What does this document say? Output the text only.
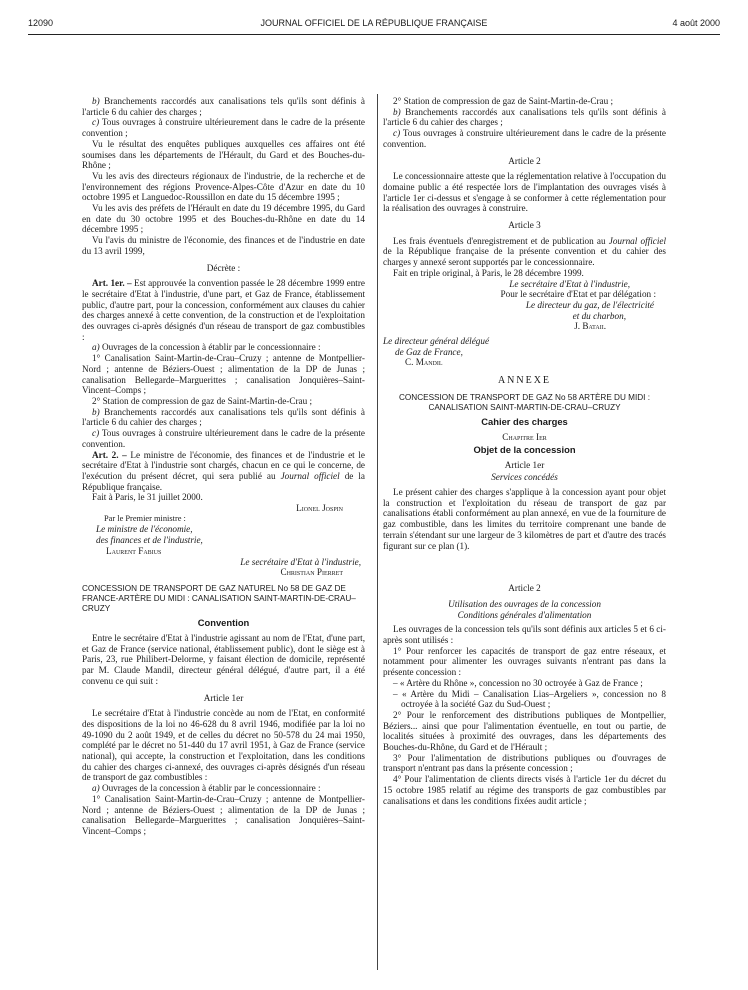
12090	JOURNAL OFFICIEL DE LA RÉPUBLIQUE FRANÇAISE	4 août 2000

b) Branchements raccordés aux canalisations tels qu'ils sont définis à l'article 6 du cahier des charges ;

c) Tous ouvrages à construire ultérieurement dans le cadre de la présente convention ;

Vu le résultat des enquêtes publiques auxquelles ces affaires ont été soumises dans les départements de l'Hérault, du Gard et des Bouches-du-Rhône ;

Vu les avis des directeurs régionaux de l'industrie, de la recherche et de l'environnement des régions Provence-Alpes-Côte d'Azur en date du 10 octobre 1995 et Languedoc-Roussillon en date du 15 décembre 1995 ;

Vu les avis des préfets de l'Hérault en date du 19 décembre 1995, du Gard en date du 30 octobre 1995 et des Bouches-du-Rhône en date du 14 décembre 1995 ;

Vu l'avis du ministre de l'économie, des finances et de l'industrie en date du 13 avril 1999,

Décrète :

Art. 1er. – Est approuvée la convention passée le 28 décembre 1999 entre le secrétaire d'Etat à l'industrie, d'une part, et Gaz de France, établissement public, d'autre part, pour la concession, conformément aux clauses du cahier des charges annexé à cette convention, de la construction et de l'exploitation des ouvrages ci-après désignés d'un réseau de transport de gaz combustibles :

a) Ouvrages de la concession à établir par le concessionnaire :

1° Canalisation Saint-Martin-de-Crau–Cruzy ; antenne de Montpellier-Nord ; antenne de Béziers-Ouest ; alimentation de la DP de Junas ; canalisation Bellegarde–Marguerittes ; canalisation Jonquières–Saint-Vincent–Comps ;

2° Station de compression de gaz de Saint-Martin-de-Crau ;

b) Branchements raccordés aux canalisations tels qu'ils sont définis à l'article 6 du cahier des charges ;

c) Tous ouvrages à construire ultérieurement dans le cadre de la présente convention.

Art. 2. – Le ministre de l'économie, des finances et de l'industrie et le secrétaire d'Etat à l'industrie sont chargés, chacun en ce qui le concerne, de l'exécution du présent décret, qui sera publié au Journal officiel de la République française.

Fait à Paris, le 31 juillet 2000.

Lionel Jospin

Par le Premier ministre :

Le ministre de l'économie,

des finances et de l'industrie,

Laurent Fabius

Le secrétaire d'Etat à l'industrie,

Christian Pierret

CONCESSION DE TRANSPORT DE GAZ NATUREL No 58 DE GAZ DE FRANCE-ARTÈRE DU MIDI : CANALISATION SAINT-MARTIN-DE-CRAU–CRUZY

Convention

Entre le secrétaire d'Etat à l'industrie agissant au nom de l'Etat, d'une part, et Gaz de France (service national, établissement public), dont le siège est à Paris, 23, rue Philibert-Delorme, y faisant élection de domicile, représenté par M. Claude Mandil, directeur général délégué, d'autre part, il a été convenu ce qui suit :

Article 1er

Le secrétaire d'Etat à l'industrie concède au nom de l'Etat, en conformité des dispositions de la loi no 46-628 du 8 avril 1946, modifiée par la loi no 49-1090 du 2 août 1949, et de celles du décret no 50-578 du 24 mai 1950, complété par le décret no 51-440 du 17 avril 1951, à Gaz de France (service national), qui accepte, la construction et l'exploitation, dans les conditions du cahier des charges ci-annexé, des ouvrages ci-après désignés d'un réseau de transport de gaz combustibles :

a) Ouvrages de la concession à établir par le concessionnaire :

1° Canalisation Saint-Martin-de-Crau–Cruzy ; antenne de Montpellier-Nord ; antenne de Béziers-Ouest ; alimentation de la DP de Junas ; canalisation Bellegarde–Marguerittes ; canalisation Jonquières–Saint-Vincent–Comps ;

2° Station de compression de gaz de Saint-Martin-de-Crau ;

b) Branchements raccordés aux canalisations tels qu'ils sont définis à l'article 6 du cahier des charges ;

c) Tous ouvrages à construire ultérieurement dans le cadre de la présente convention.

Article 2

Le concessionnaire atteste que la réglementation relative à l'occupation du domaine public a été respectée lors de l'implantation des ouvrages visés à l'article 1er ci-dessus et s'engage à se conformer à cette réglementation pour la réalisation des ouvrages à construire.

Article 3

Les frais éventuels d'enregistrement et de publication au Journal officiel de la République française de la présente convention et du cahier des charges y annexé seront supportés par le concessionnaire.

Fait en triple original, à Paris, le 28 décembre 1999.

Le secrétaire d'Etat à l'industrie,

Pour le secrétaire d'Etat et par délégation :

Le directeur du gaz, de l'électricité

et du charbon,

J. Bataii.

Le directeur général délégué

de Gaz de France,

C. Mandil

ANNEXE

CONCESSION DE TRANSPORT DE GAZ No 58 ARTÈRE DU MIDI : CANALISATION SAINT-MARTIN-DE-CRAU–CRUZY

Cahier des charges

Chapitre Ier

Objet de la concession

Article 1er

Services concédés

Le présent cahier des charges s'applique à la concession ayant pour objet la construction et l'exploitation du réseau de transport de gaz par canalisations établi conformément au plan annexé, en vue de la fourniture de gaz combustible, dans les limites du territoire comprenant une bande de terrain s'étendant sur une largeur de 3 kilomètres de part et d'autre des tracés figurant sur ce plan (1).

Article 2

Utilisation des ouvrages de la concession

Conditions générales d'alimentation

Les ouvrages de la concession tels qu'ils sont définis aux articles 5 et 6 ci-après sont utilisés :

1° Pour renforcer les capacités de transport de gaz entre réseaux, et notamment pour alimenter les ouvrages suivants n'entrant pas dans la présente concession :

– « Artère du Rhône », concession no 30 octroyée à Gaz de France ;

– « Artère du Midi – Canalisation Lias–Argeliers », concession no 8 octroyée à la société Gaz du Sud-Ouest ;

2° Pour le renforcement des distributions publiques de Montpellier, Béziers... ainsi que pour l'alimentation éventuelle, en tout ou partie, de localités situées à proximité des ouvrages, dans les départements des Bouches-du-Rhône, du Gard et de l'Hérault ;

3° Pour l'alimentation de distributions publiques ou d'ouvrages de transport n'entrant pas dans la présente concession ;

4° Pour l'alimentation de clients directs visés à l'article 1er du décret du 15 octobre 1985 relatif au régime des transports de gaz combustibles par canalisations et dans les conditions fixées audit article ;
